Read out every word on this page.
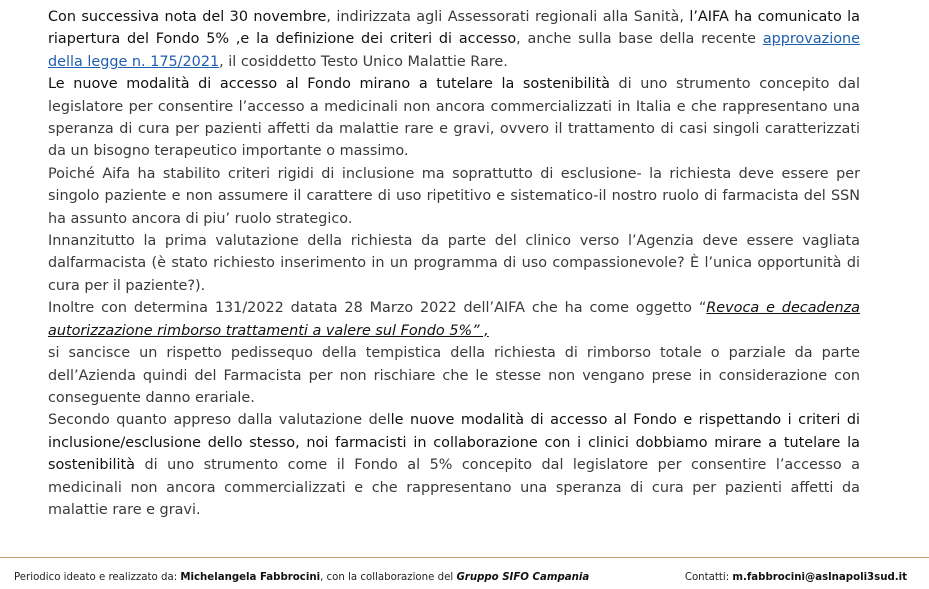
Con successiva nota del 30 novembre, indirizzata agli Assessorati regionali alla Sanità, l’AIFA ha comunicato la riapertura del Fondo 5% ,e la definizione dei criteri di accesso, anche sulla base della recente approvazione della legge n. 175/2021, il cosiddetto Testo Unico Malattie Rare.

Le nuove modalità di accesso al Fondo mirano a tutelare la sostenibilità di uno strumento concepito dal legislatore per consentire l’accesso a medicinali non ancora commercializzati in Italia e che rappresentano una speranza di cura per pazienti affetti da malattie rare e gravi, ovvero il trattamento di casi singoli caratterizzati da un bisogno terapeutico importante o massimo.

Poiché Aifa ha stabilito criteri rigidi di inclusione ma soprattutto di esclusione- la richiesta deve essere per singolo paziente e non assumere il carattere di uso ripetitivo e sistematico-il nostro ruolo di farmacista del SSN ha assunto ancora di piu’ ruolo strategico.

Innanzitutto la prima valutazione della richiesta da parte del clinico verso l’Agenzia deve essere vagliata dalfarmacista (è stato richiesto inserimento in un programma di uso compassionevole? È l’unica opportunità di cura per il paziente?).

Inoltre con determina 131/2022 datata 28 Marzo 2022 dell’AIFA che ha come oggetto “Revoca e decadenza autorizzazione rimborso trattamenti a valere sul Fondo 5%” ,

si sancisce un rispetto pedissequo della tempistica della richiesta di rimborso totale o parziale da parte dell’Azienda quindi del Farmacista per non rischiare che le stesse non vengano prese in considerazione con conseguente danno erariale.

Secondo quanto appreso dalla valutazione delle nuove modalità di accesso al Fondo e rispettando i criteri di inclusione/esclusione dello stesso, noi farmacisti in collaborazione con i clinici dobbiamo mirare a tutelare la sostenibilità di uno strumento come il Fondo al 5% concepito dal legislatore per consentire l’accesso a medicinali non ancora commercializzati e che rappresentano una speranza di cura per pazienti affetti da malattie rare e gravi.

Periodico ideato e realizzato da: Michelangela Fabbrocini, con la collaborazione del Gruppo SIFO Campania	Contatti: m.fabbrocini@aslnapoli3sud.it
